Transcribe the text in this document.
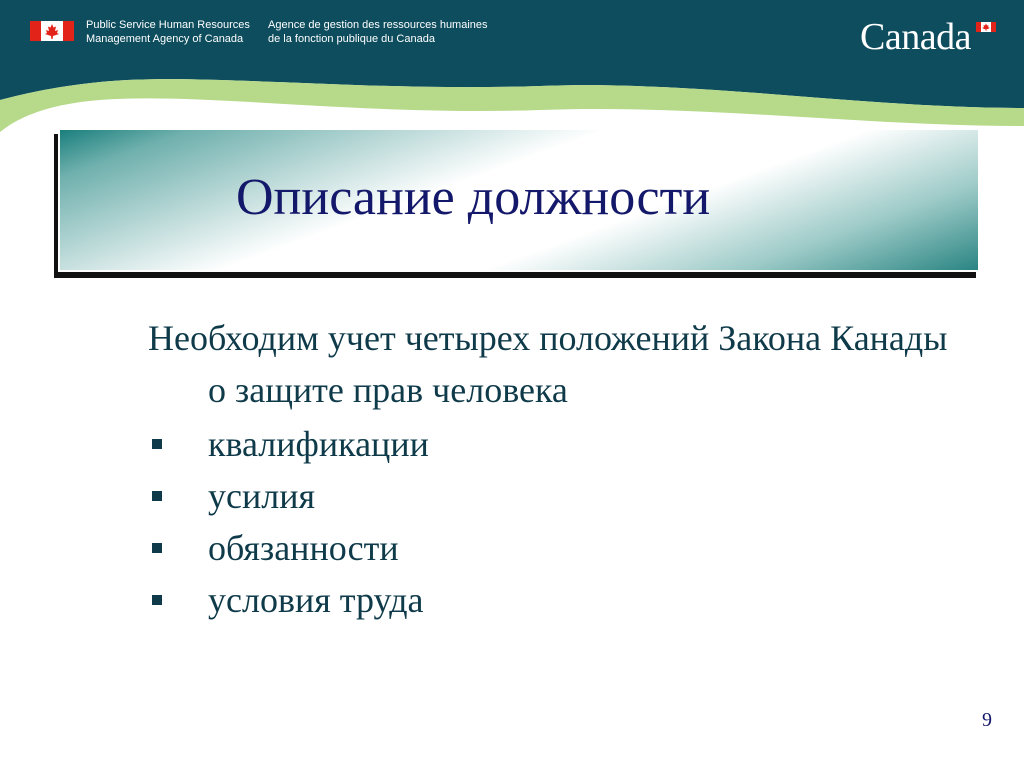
Public Service Human Resources
Management Agency of Canada
Agence de gestion des ressources humaines
de la fonction publique du Canada	Canada
Описание должности

Необходим учет четырех положений Закона Канады о защите прав человека

квалификации
усилия
обязанности
условия труда
9
